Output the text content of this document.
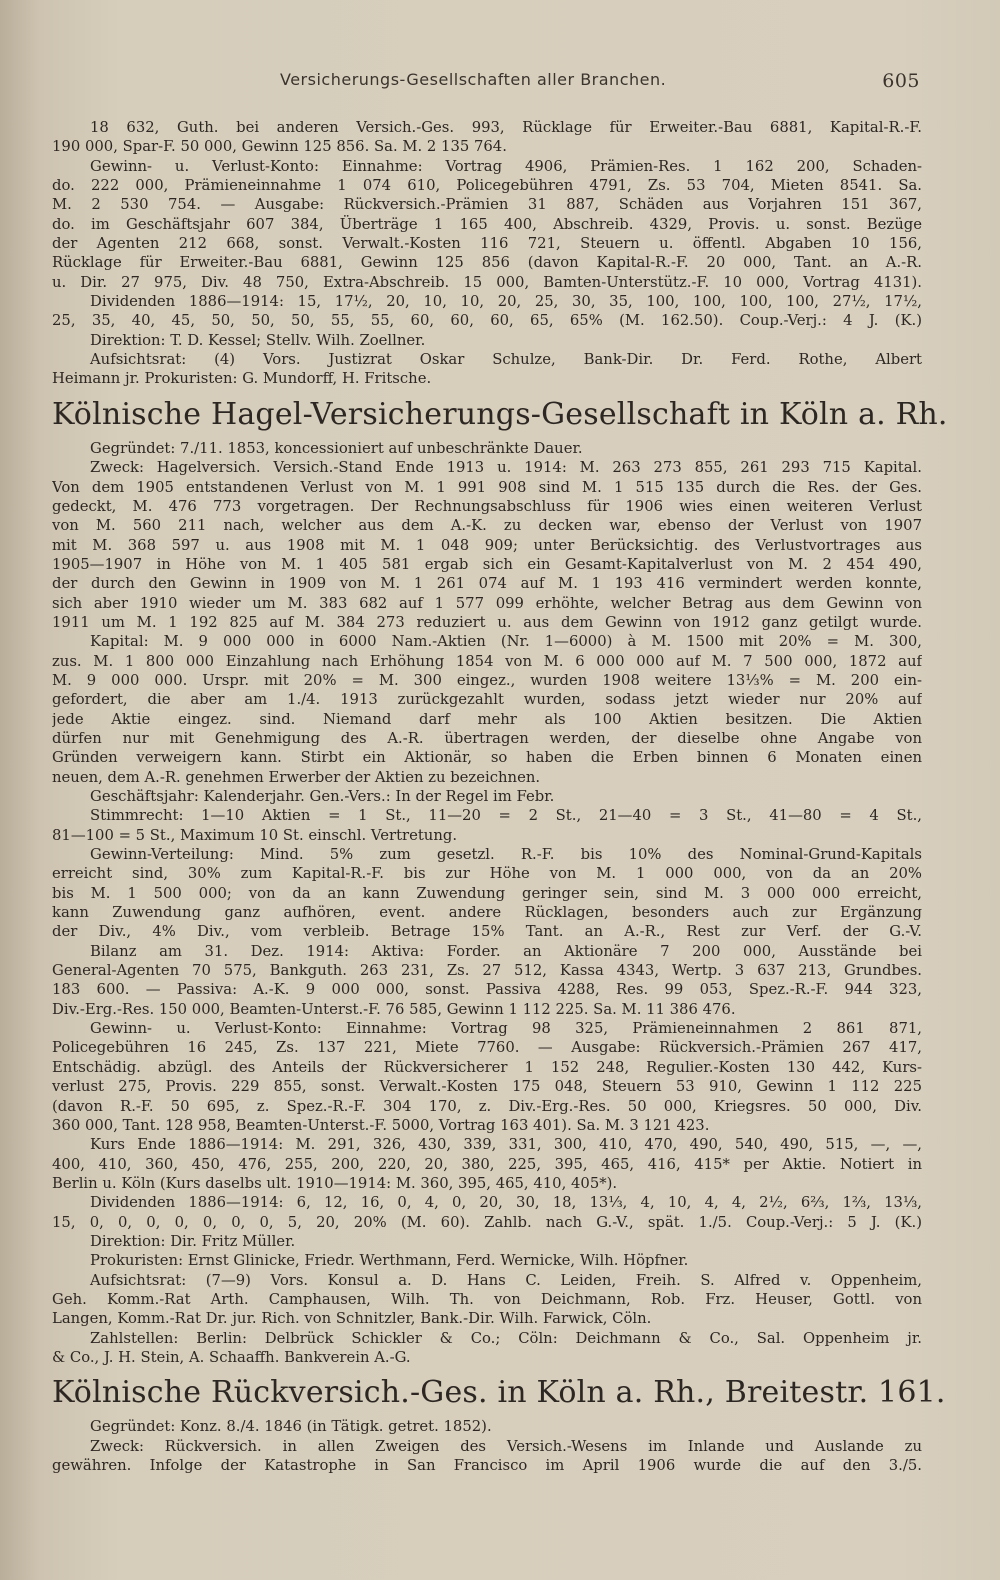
Versicherungs-Gesellschaften aller Branchen.	605
18 632, Guth. bei anderen Versich.-Ges. 993, Rücklage für Erweiter.-Bau 6881, Kapital-R.-F.
190 000, Spar-F. 50 000, Gewinn 125 856. Sa. M. 2 135 764.
Gewinn- u. Verlust-Konto: Einnahme: Vortrag 4906, Prämien-Res. 1 162 200, Schaden-
do. 222 000, Prämieneinnahme 1 074 610, Policegebühren 4791, Zs. 53 704, Mieten 8541. Sa.
M. 2 530 754. — Ausgabe: Rückversich.-Prämien 31 887, Schäden aus Vorjahren 151 367,
do. im Geschäftsjahr 607 384, Überträge 1 165 400, Abschreib. 4329, Provis. u. sonst. Bezüge
der Agenten 212 668, sonst. Verwalt.-Kosten 116 721, Steuern u. öffentl. Abgaben 10 156,
Rücklage für Erweiter.-Bau 6881, Gewinn 125 856 (davon Kapital-R.-F. 20 000, Tant. an A.-R.
u. Dir. 27 975, Div. 48 750, Extra-Abschreib. 15 000, Bamten-Unterstütz.-F. 10 000, Vortrag 4131).
Dividenden 1886—1914: 15, 17½, 20, 10, 10, 20, 25, 30, 35, 100, 100, 100, 100, 27½, 17½,
25, 35, 40, 45, 50, 50, 50, 55, 55, 60, 60, 60, 65, 65% (M. 162.50). Coup.-Verj.: 4 J. (K.)
Direktion: T. D. Kessel; Stellv. Wilh. Zoellner.
Aufsichtsrat: (4) Vors. Justizrat Oskar Schulze, Bank-Dir. Dr. Ferd. Rothe, Albert
Heimann jr. Prokuristen: G. Mundorff, H. Fritsche.
Kölnische Hagel-Versicherungs-Gesellschaft in Köln a. Rh.
Gegründet: 7./11. 1853, koncessioniert auf unbeschränkte Dauer.
Zweck: Hagelversich. Versich.-Stand Ende 1913 u. 1914: M. 263 273 855, 261 293 715 Kapital.
Von dem 1905 entstandenen Verlust von M. 1 991 908 sind M. 1 515 135 durch die Res. der Ges.
gedeckt, M. 476 773 vorgetragen. Der Rechnungsabschluss für 1906 wies einen weiteren Verlust
von M. 560 211 nach, welcher aus dem A.-K. zu decken war, ebenso der Verlust von 1907
mit M. 368 597 u. aus 1908 mit M. 1 048 909; unter Berücksichtig. des Verlustvortrages aus
1905—1907 in Höhe von M. 1 405 581 ergab sich ein Gesamt-Kapitalverlust von M. 2 454 490,
der durch den Gewinn in 1909 von M. 1 261 074 auf M. 1 193 416 vermindert werden konnte,
sich aber 1910 wieder um M. 383 682 auf 1 577 099 erhöhte, welcher Betrag aus dem Gewinn von
1911 um M. 1 192 825 auf M. 384 273 reduziert u. aus dem Gewinn von 1912 ganz getilgt wurde.
Kapital: M. 9 000 000 in 6000 Nam.-Aktien (Nr. 1—6000) à M. 1500 mit 20% = M. 300,
zus. M. 1 800 000 Einzahlung nach Erhöhung 1854 von M. 6 000 000 auf M. 7 500 000, 1872 auf
M. 9 000 000. Urspr. mit 20% = M. 300 eingez., wurden 1908 weitere 13⅓% = M. 200 ein-
gefordert, die aber am 1./4. 1913 zurückgezahlt wurden, sodass jetzt wieder nur 20% auf
jede Aktie eingez. sind. Niemand darf mehr als 100 Aktien besitzen. Die Aktien
dürfen nur mit Genehmigung des A.-R. übertragen werden, der dieselbe ohne Angabe von
Gründen verweigern kann. Stirbt ein Aktionär, so haben die Erben binnen 6 Monaten einen
neuen, dem A.-R. genehmen Erwerber der Aktien zu bezeichnen.
Geschäftsjahr: Kalenderjahr. Gen.-Vers.: In der Regel im Febr.
Stimmrecht: 1—10 Aktien = 1 St., 11—20 = 2 St., 21—40 = 3 St., 41—80 = 4 St.,
81—100 = 5 St., Maximum 10 St. einschl. Vertretung.
Gewinn-Verteilung: Mind. 5% zum gesetzl. R.-F. bis 10% des Nominal-Grund-Kapitals
erreicht sind, 30% zum Kapital-R.-F. bis zur Höhe von M. 1 000 000, von da an 20%
bis M. 1 500 000; von da an kann Zuwendung geringer sein, sind M. 3 000 000 erreicht,
kann Zuwendung ganz aufhören, event. andere Rücklagen, besonders auch zur Ergänzung
der Div., 4% Div., vom verbleib. Betrage 15% Tant. an A.-R., Rest zur Verf. der G.-V.
Bilanz am 31. Dez. 1914: Aktiva: Forder. an Aktionäre 7 200 000, Ausstände bei
General-Agenten 70 575, Bankguth. 263 231, Zs. 27 512, Kassa 4343, Wertp. 3 637 213, Grundbes.
183 600. — Passiva: A.-K. 9 000 000, sonst. Passiva 4288, Res. 99 053, Spez.-R.-F. 944 323,
Div.-Erg.-Res. 150 000, Beamten-Unterst.-F. 76 585, Gewinn 1 112 225. Sa. M. 11 386 476.
Gewinn- u. Verlust-Konto: Einnahme: Vortrag 98 325, Prämieneinnahmen 2 861 871,
Policegebühren 16 245, Zs. 137 221, Miete 7760. — Ausgabe: Rückversich.-Prämien 267 417,
Entschädig. abzügl. des Anteils der Rückversicherer 1 152 248, Regulier.-Kosten 130 442, Kurs-
verlust 275, Provis. 229 855, sonst. Verwalt.-Kosten 175 048, Steuern 53 910, Gewinn 1 112 225
(davon R.-F. 50 695, z. Spez.-R.-F. 304 170, z. Div.-Erg.-Res. 50 000, Kriegsres. 50 000, Div.
360 000, Tant. 128 958, Beamten-Unterst.-F. 5000, Vortrag 163 401). Sa. M. 3 121 423.
Kurs Ende 1886—1914: M. 291, 326, 430, 339, 331, 300, 410, 470, 490, 540, 490, 515, —, —,
400, 410, 360, 450, 476, 255, 200, 220, 20, 380, 225, 395, 465, 416, 415* per Aktie. Notiert in
Berlin u. Köln (Kurs daselbs ult. 1910—1914: M. 360, 395, 465, 410, 405*).
Dividenden 1886—1914: 6, 12, 16, 0, 4, 0, 20, 30, 18, 13⅓, 4, 10, 4, 4, 2½, 6⅔, 1⅔, 13⅓,
15, 0, 0, 0, 0, 0, 0, 0, 5, 20, 20% (M. 60). Zahlb. nach G.-V., spät. 1./5. Coup.-Verj.: 5 J. (K.)
Direktion: Dir. Fritz Müller.
Prokuristen: Ernst Glinicke, Friedr. Werthmann, Ferd. Wernicke, Wilh. Höpfner.
Aufsichtsrat: (7—9) Vors. Konsul a. D. Hans C. Leiden, Freih. S. Alfred v. Oppenheim,
Geh. Komm.-Rat Arth. Camphausen, Wilh. Th. von Deichmann, Rob. Frz. Heuser, Gottl. von
Langen, Komm.-Rat Dr. jur. Rich. von Schnitzler, Bank.-Dir. Wilh. Farwick, Cöln.
Zahlstellen: Berlin: Delbrück Schickler & Co.; Cöln: Deichmann & Co., Sal. Oppenheim jr.
& Co., J. H. Stein, A. Schaaffh. Bankverein A.-G.
Kölnische Rückversich.-Ges. in Köln a. Rh., Breitestr. 161.
Gegründet: Konz. 8./4. 1846 (in Tätigk. getret. 1852).
Zweck: Rückversich. in allen Zweigen des Versich.-Wesens im Inlande und Auslande zu
gewähren. Infolge der Katastrophe in San Francisco im April 1906 wurde die auf den 3./5.
